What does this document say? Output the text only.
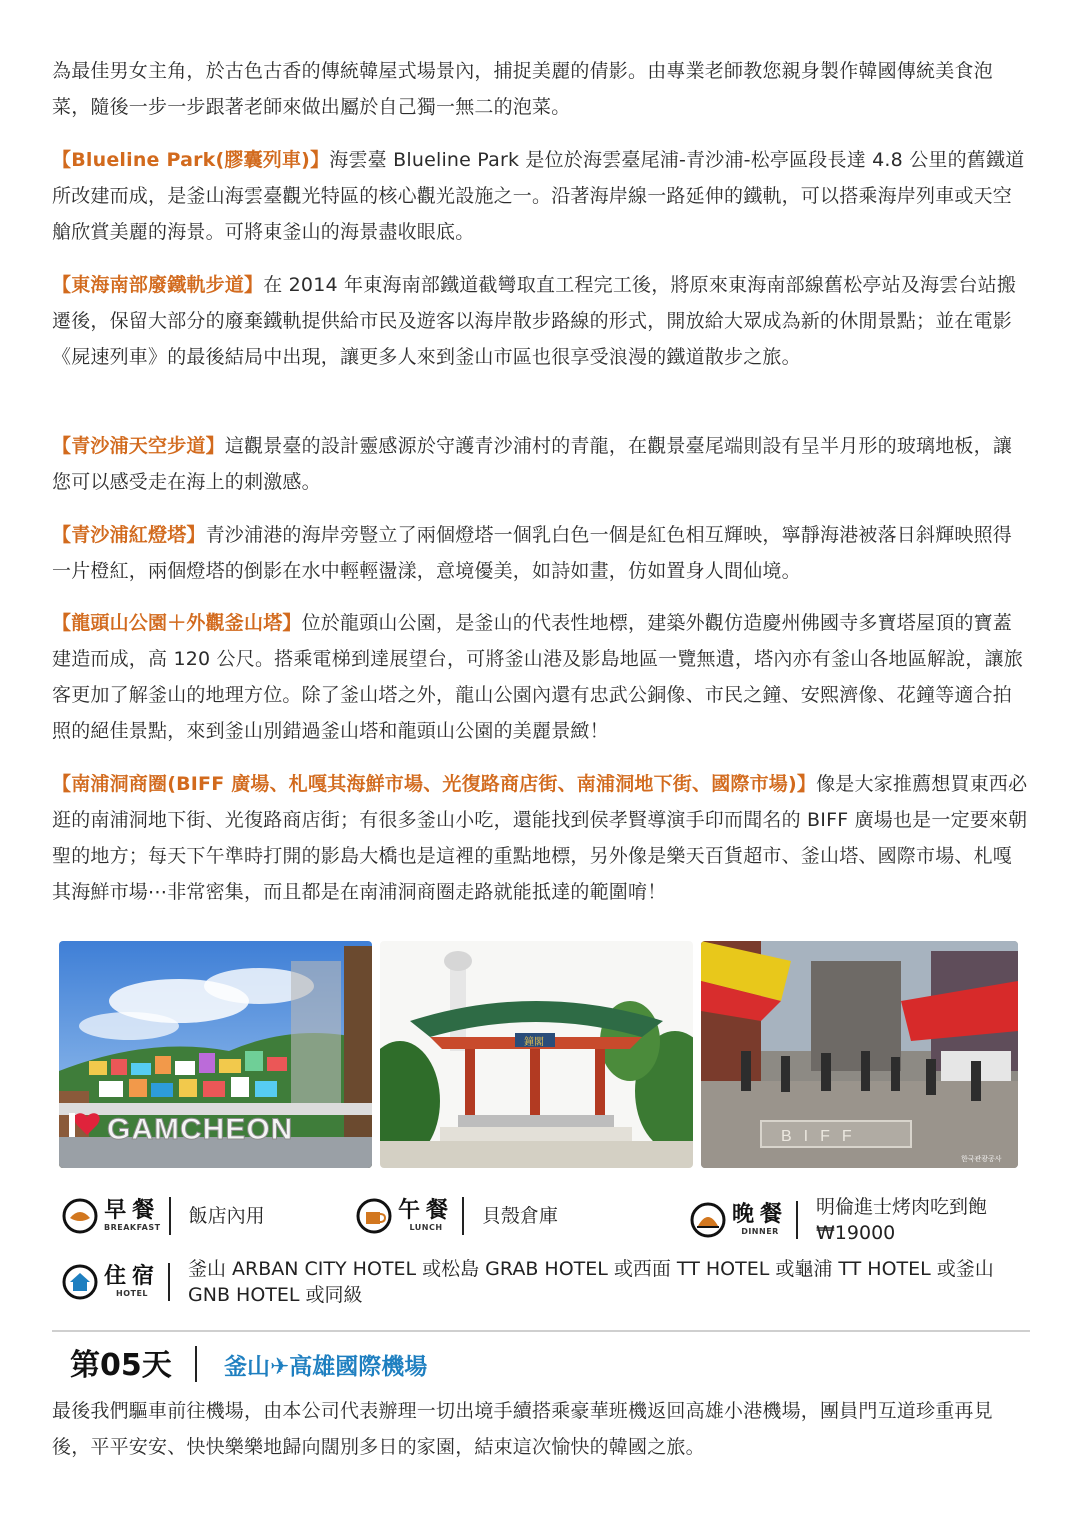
為最佳男女主角，於古色古香的傳統韓屋式場景內，捕捉美麗的倩影。由專業老師教您親身製作韓國傳統美食泡菜，隨後一步一步跟著老師來做出屬於自己獨一無二的泡菜。

【Blueline Park(膠囊列車)】海雲臺 Blueline Park 是位於海雲臺尾浦-青沙浦-松亭區段長達 4.8 公里的舊鐵道所改建而成，是釜山海雲臺觀光特區的核心觀光設施之一。沿著海岸線一路延伸的鐵軌，可以搭乘海岸列車或天空艙欣賞美麗的海景。可將東釜山的海景盡收眼底。

【東海南部廢鐵軌步道】在 2014 年東海南部鐵道截彎取直工程完工後，將原來東海南部線舊松亭站及海雲台站搬遷後，保留大部分的廢棄鐵軌提供給市民及遊客以海岸散步路線的形式，開放給大眾成為新的休閒景點；並在電影《屍速列車》的最後結局中出現，讓更多人來到釜山市區也很享受浪漫的鐵道散步之旅。

【青沙浦天空步道】這觀景臺的設計靈感源於守護青沙浦村的青龍，在觀景臺尾端則設有呈半月形的玻璃地板，讓您可以感受走在海上的刺激感。

【青沙浦紅燈塔】青沙浦港的海岸旁豎立了兩個燈塔一個乳白色一個是紅色相互輝映，寧靜海港被落日斜輝映照得一片橙紅，兩個燈塔的倒影在水中輕輕盪漾，意境優美，如詩如畫，仿如置身人間仙境。

【龍頭山公園＋外觀釜山塔】位於龍頭山公園，是釜山的代表性地標，建築外觀仿造慶州佛國寺多寶塔屋頂的寶蓋建造而成，高 120 公尺。搭乘電梯到達展望台，可將釜山港及影島地區一覽無遺，塔內亦有釜山各地區解說，讓旅客更加了解釜山的地理方位。除了釜山塔之外，龍山公園內還有忠武公銅像、市民之鐘、安熙濟像、花鐘等適合拍照的絕佳景點，來到釜山別錯過釜山塔和龍頭山公園的美麗景緻！

【南浦洞商圈(BIFF 廣場、札嘎其海鮮市場、光復路商店街、南浦洞地下街、國際市場)】像是大家推薦想買東西必逛的南浦洞地下街、光復路商店街；有很多釜山小吃，還能找到侯孝賢導演手印而聞名的 BIFF 廣場也是一定要來朝聖的地方；每天下午準時打開的影島大橋也是這裡的重點地標，另外像是樂天百貨超市、釜山塔、國際市場、札嘎其海鮮市場⋯非常密集，而且都是在南浦洞商圈走路就能抵達的範圍唷！

GAMCHEON
鐘閣
BIFF
한국관광공사
早餐
BREAKFAST
飯店內用	午餐
LUNCH
貝殼倉庫	晚餐
DINNER
明倫進士烤肉吃到飽
₩19000
住宿
HOTEL
釜山 ARBAN CITY HOTEL 或松島 GRAB HOTEL 或西面 TT HOTEL 或龜浦 TT HOTEL 或釜山 GNB HOTEL 或同級
第05天 釜山✈高雄國際機場

最後我們驅車前往機場，由本公司代表辦理一切出境手續搭乘豪華班機返回高雄小港機場，團員門互道珍重再見後，平平安安、快快樂樂地歸向闊別多日的家園，結束這次愉快的韓國之旅。
